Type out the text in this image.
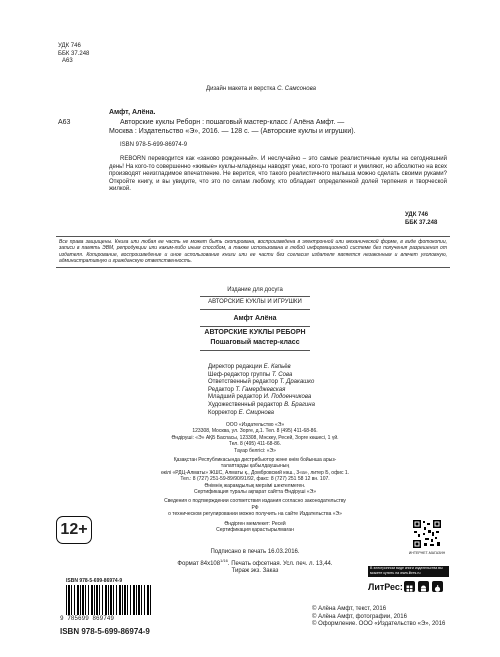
УДК 746
ББК 37.248
А63
Дизайн макета и верстка С. Самсонова
Амфт, Алёна.
А63	Авторские куклы Реборн : пошаговый мастер-класс / Алёна Амфт. —
Москва : Издательство «Э», 2016. — 128 с. — (Авторские куклы и игрушки).
ISBN 978-5-699-86974-9
REBORN переводится как «заново рожденный». И неслучайно – это самые реалистичные куклы на сегодняшний день! На кого-то совершенно «живые» куклы-младенцы наводят ужас, кого-то трогают и умиляют, но абсолютно на всех производят неизгладимое впечатление. Не верится, что такого реалистичного малыша можно сделать своими руками? Откройте книгу, и вы увидите, что это по силам любому, кто обладает определенной долей терпения и творческой жилкой.
УДК 746
ББК 37.248
Все права защищены. Книга или любая ее часть не может быть скопирована, воспроизведена в электронной или механической форме, в виде фотокопии, записи в память ЭВМ, репродукции или каким-либо иным способом, а также использована в любой информационной системе без получения разрешения от издателя. Копирование, воспроизведение и иное использование книги или ее части без согласия издателя является незаконным и влечет уголовную, административную и гражданскую ответственность.
Издание для досуга
АВТОРСКИЕ КУКЛЫ И ИГРУШКИ
Амфт Алёна
АВТОРСКИЕ КУКЛЫ РЕБОРН
Пошаговый мастер-класс
Директор редакции Е. Капьёв
Шеф-редактор группы Т. Сова
Ответственный редактор Т. Дракашко
Редактор Т. Гамерджевская
Младший редактор И. Подоенчикова
Художественный редактор В. Брагина
Корректор Е. Смирнова
ООО «Издательство «Э»
123308, Москва, ул. Зорге, д.1. Тел. 8 (495) 411-68-86.
Өндіруші: «Э» АҚБ Баспасы, 123308, Мәскеу, Ресей, Зорге көшесі, 1 үй.
Тел. 8 (495) 411-68-86.
Тауар белгісі: «Э»
Қазақстан Республикасында дистрибьютор және өнім бойынша арыз-талаптарды қабылдаушының
өкілі «РДЦ-Алматы» ЖШС, Алматы қ., Домбровский көш., 3«а», литер Б, офис 1.
Тел.: 8 (727) 251-59-89/90/91/92, факс: 8 (727) 251 58 12 вн. 107.
Өнімнің жарамдылық мерзімі шектелмеген.
Сертификация туралы ақпарат сайтта Өндіруші «Э»
Сведения о подтверждении соответствия издания согласно законодательству РФ
о техническом регулировании можно получить на сайте Издательства «Э»
Өндірген мемлекет: Ресей
Сертификация қарастырылмаған
12+
Подписано в печать 16.03.2016.
Формат $84x108^{1/16}$. Печать офсетная. Усл. печ. л. 13,44.
Тираж экз. Заказ
ИНТЕРНЕТ-МАГАЗИН
В электронном виде книги издательства вы можете купить на www.litres.ru
ЛитРес:
ISBN 978-5-699-86974-9
9 785699 869749
ISBN 978-5-699-86974-9
© Алёна Амфт, текст, 2016
© Алёна Амфт, фотографии, 2016
© Оформление. ООО «Издательство «Э», 2016
